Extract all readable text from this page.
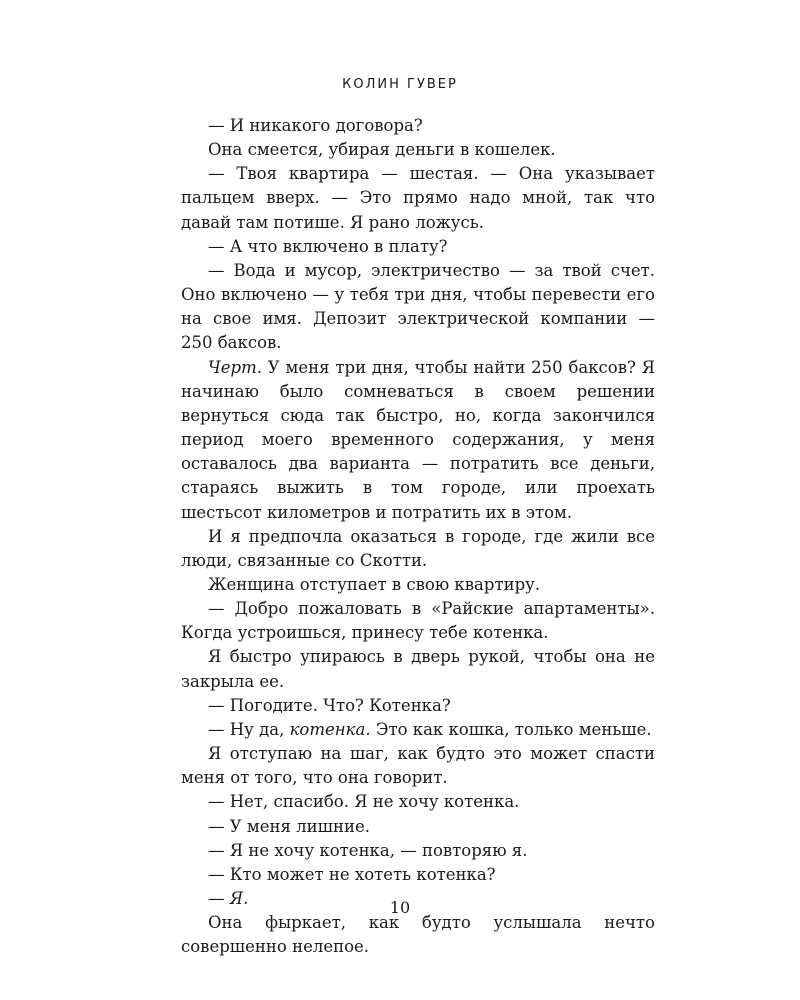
КОЛИН ГУВЕР

— И никакого договора?

Она смеется, убирая деньги в кошелек.

— Твоя квартира — шестая. — Она указывает пальцем вверх. — Это прямо надо мной, так что давай там потише. Я рано ложусь.

— А что включено в плату?

— Вода и мусор, электричество — за твой счет. Оно включено — у тебя три дня, чтобы перевести его на свое имя. Депозит электрической компании — 250 баксов.

Черт. У меня три дня, чтобы найти 250 баксов? Я начинаю было сомневаться в своем решении вернуться сюда так быстро, но, когда закончился период моего временного содержания, у меня оставалось два варианта — потратить все деньги, стараясь выжить в том городе, или проехать шестьсот километров и потратить их в этом.

И я предпочла оказаться в городе, где жили все люди, связанные со Скотти.

Женщина отступает в свою квартиру.

— Добро пожаловать в «Райские апартаменты». Когда устроишься, принесу тебе котенка.

Я быстро упираюсь в дверь рукой, чтобы она не закрыла ее.

— Погодите. Что? Котенка?

— Ну да, котенка. Это как кошка, только меньше.

Я отступаю на шаг, как будто это может спасти меня от того, что она говорит.

— Нет, спасибо. Я не хочу котенка.

— У меня лишние.

— Я не хочу котенка, — повторяю я.

— Кто может не хотеть котенка?

— Я.

Она фыркает, как будто услышала нечто совершенно нелепое.

10
